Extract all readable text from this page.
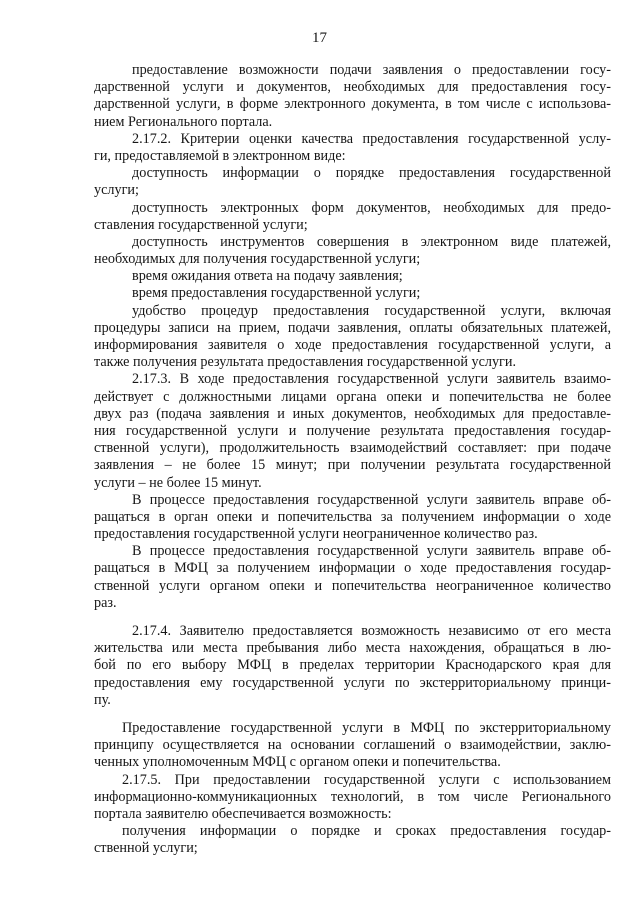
17
предоставление возможности подачи заявления о предоставлении госу-
дарственной услуги и документов, необходимых для предоставления госу-
дарственной услуги, в форме электронного документа, в том числе с использова-
нием Регионального портала.
2.17.2. Критерии оценки качества предоставления государственной услу-
ги, предоставляемой в электронном виде:
доступность информации о порядке предоставления государственной
услуги;
доступность электронных форм документов, необходимых для предо-
ставления государственной услуги;
доступность инструментов совершения в электронном виде платежей,
необходимых для получения государственной услуги;
время ожидания ответа на подачу заявления;
время предоставления государственной услуги;
удобство процедур предоставления государственной услуги, включая
процедуры записи на прием, подачи заявления, оплаты обязательных платежей,
информирования заявителя о ходе предоставления государственной услуги, а
также получения результата предоставления государственной услуги.
2.17.3. В ходе предоставления государственной услуги заявитель взаимо-
действует с должностными лицами органа опеки и попечительства не более
двух раз (подача заявления и иных документов, необходимых для предоставле-
ния государственной услуги и получение результата предоставления государ-
ственной услуги), продолжительность взаимодействий составляет: при подаче
заявления – не более 15 минут; при получении результата государственной
услуги – не более 15 минут.
В процессе предоставления государственной услуги заявитель вправе об-
ращаться в орган опеки и попечительства за получением информации о ходе
предоставления государственной услуги неограниченное количество раз.
В процессе предоставления государственной услуги заявитель вправе об-
ращаться в МФЦ за получением информации о ходе предоставления государ-
ственной услуги органом опеки и попечительства неограниченное количество
раз.
2.17.4. Заявителю предоставляется возможность независимо от его места
жительства или места пребывания либо места нахождения, обращаться в лю-
бой по его выбору МФЦ в пределах территории Краснодарского края для
предоставления ему государственной услуги по экстерриториальному принци-
пу.
Предоставление государственной услуги в МФЦ по экстерриториальному
принципу осуществляется на основании соглашений о взаимодействии, заклю-
ченных уполномоченным МФЦ с органом опеки и попечительства.
2.17.5. При предоставлении государственной услуги с использованием
информационно-коммуникационных технологий, в том числе Регионального
портала заявителю обеспечивается возможность:
получения информации о порядке и сроках предоставления государ-
ственной услуги;
